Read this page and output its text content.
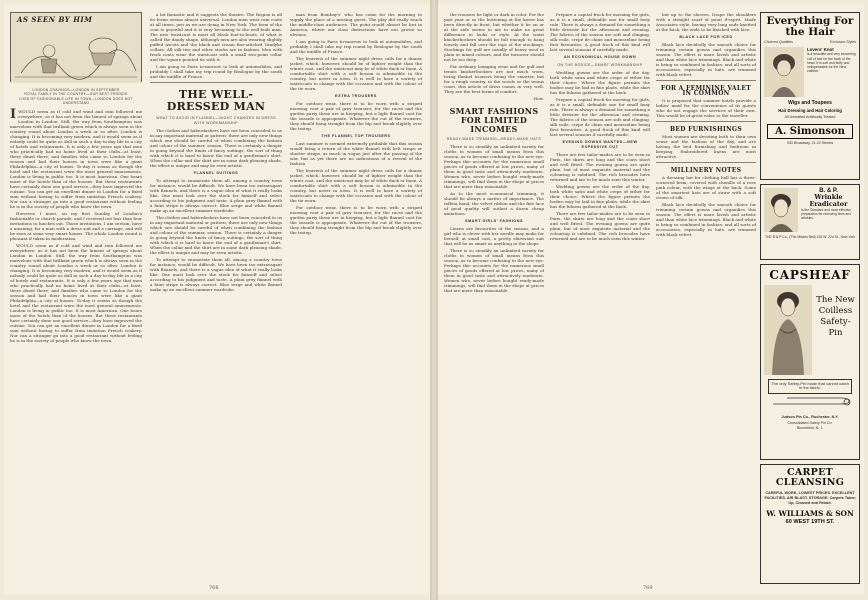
AS SEEN BY HIM
LONDON CRAVINGS—LONDON IN SEPTEMBER
ROYAL FAMILY IN THE COUNTRY—OUR BEST FRIENDS
LOSS OF FASHIONABLE LIFE IN TOWN—LONDON DOES NOT UNDERSTAND

IWOULD seem as if cold and wind and rain followed me everywhere, as it has not been the lament of springs about London in London. Still, the way from Southampton was marvelous with that brilliant green which is always seen in the country round about London a week or so after. London is changing. It is becoming very modern, and it would seem as if nobody could be quite as dull in such a day-to-day life in a city of hotels and restaurants. It is only a few years ago that men who practically had no home lived at their clubs—at least, there dined there; and families who came to London for the season and had their houses in town were like a giant Philadelphia—a city of homes. To-day it seems as though the hotel and the restaurant were the most general amusements. London is living in public too. It is most American. One hears more of the hotels than of the houses. But these restaurants have certainly done one good service—they have improved the cuisine. You can get an excellent dinner in London for a fixed sum without having to suffer from imitation French cookery. Nor can a stranger go into a good restaurant without feeling he is in the society of people who know the town.

However, I must, on my first Sunday, of London's fashionable or church parade, and I received not less than four invitations to lunches out. Those invitations, I am certain, have a meaning, for a man with a dress suit and a carriage, and will be seen at some very smart homes. The whole London round is pleasant if taken in moderation.

WOULD seem as if cold and wind and rain followed me everywhere, as it has not been the lament of springs about London in London. Still, the way from Southampton was marvelous with that brilliant green which is always seen in the country round about London a week or so after. London is changing. It is becoming very modern, and it would seem as if nobody could be quite as dull in such a day-to-day life in a city of hotels and restaurants. It is only a few years ago that men who practically had no home lived at their clubs—at least, there dined there; and families who came to London for the season and had their houses in town were like a giant Philadelphia—a city of homes. To-day it seems as though the hotel and the restaurant were the most general amusements. London is living in public too. It is most American. One hears more of the hotels than of the houses. But these restaurants have certainly done one good service—they have improved the cuisine. You can get an excellent dinner in London for a fixed sum without having to suffer from imitation French cookery. Nor can a stranger go into a good restaurant without feeling he is in the society of people who know the town.

a bit fantastic and it suggests the theatre. The Region is all its forms seems almost universal. London men wear rain coats at all times, just as we are doing in New York. The form of the coat is graceful and it is very becoming to the well-built man. The new waistcoat is most all black foot-in-boots, of what is called the dandy shape, although men are also wearing slightly puffed Ascots and the black and cream fine-stitched Vandyke collars. All silk ties and other stocks are in fashion. Men with frock coats wear the waistcoat with a small two-point collar and the square-pointed tie with it.

I am going to Paris to-morrow to look at automobiles, and probably I shall take my trip round by Boulogne by the south and the middle of France.

THE WELL-DRESSED MAN
WHAT TO AVOID IN FLANNEL—NIGHT CHANGES IN DRESS WITH WORKMANSHIP

The clothes and haberdashers have not been conceded to us in any important material or pattern; there are only new things which one should be careful of when combining the fashion and colour of the summer, season. There is certainly a danger in going beyond the limits of fancy suitings, the sort of thing with which it is hard to know the end of a gentleman's shirt. When the collar and the shirt are in some dark pleasing shade, the effect is unique and may be even artistic.

FLANNEL SUITINGS

To attempt to enumerate them all, among a country town for instance, would be difficult. We have been too extravagant with flannels, and there is a vague idea of what it really looks like. One must look over the stock for himself and select according to his judgment and taste. A plain grey flannel with a faint stripe is always correct. Blue serge and white flannel make up an excellent summer wardrobe.

The clothes and haberdashers have not been conceded to us in any important material or pattern; there are only new things which one should be careful of when combining the fashion and colour of the summer, season. There is certainly a danger in going beyond the limits of fancy suitings, the sort of thing with which it is hard to know the end of a gentleman's shirt. When the collar and the shirt are in some dark pleasing shade, the effect is unique and may be even artistic.

To attempt to enumerate them all, among a country town for instance, would be difficult. We have been too extravagant with flannels, and there is a vague idea of what it really looks like. One must look over the stock for himself and select according to his judgment and taste. A plain grey flannel with a faint stripe is always correct. Blue serge and white flannel make up an excellent summer wardrobe.

man from Bombay's' who has come for the morning to supply the place of a missing guest. The play did really touch the middle-class audiences. The point would almost be lost in America, where our class distinctions have not grown so obvious.

I am going to Paris to-morrow to look at automobiles, and probably I shall take my trip round by Boulogne by the south and the middle of France.

The heaviest of the summer night dress calls for a dinner jacket, which, however, should be of lighter weight than the winter coat, and the waistcoat may be of white duck or linen. A comfortable shirt with a soft bosom is admissible in the country, but never in town. It is well to have a variety of waistcoats to change with the occasion and with the colour of the tie worn.

EXTRA TROUSERS

For outdoor wear, there is to be worn with a striped morning coat a pair of grey trousers; for the races and the garden party these are in keeping, but a light flannel coat for the seaside is appropriate. Whatever the cut of the trousers, they should hang straight from the hip and break slightly over the instep.

THE FLANNEL TOP TROUSERS

Last summer is seemed extremely probable that this season would bring a return of the white flannel with belt straps or shorter straps, as much in vogue just after the passing of the war, but as yet there are no indications of a revival of the fashion.

The heaviest of the summer night dress calls for a dinner jacket, which, however, should be of lighter weight than the winter coat, and the waistcoat may be of white duck or linen. A comfortable shirt with a soft bosom is admissible in the country, but never in town. It is well to have a variety of waistcoats to change with the occasion and with the colour of the tie worn.

For outdoor wear, there is to be worn with a striped morning coat a pair of grey trousers; for the races and the garden party these are in keeping, but a light flannel coat for the seaside is appropriate. Whatever the cut of the trousers, they should hang straight from the hip and break slightly over the instep.

768

the trousers be light or dark in color. For the past year or so the buttoning at the knees has been directly in front, but whether it be on or at the side seems to me to make no great difference in looks or style. At the waist knickerbockers should be full enough to hang loosely and fall over the tops of the stockings. Stockings for golf are usually of heavy wool in plain or mixed colours, and the turnover should not be too deep.

For ordinary lounging wear and for golf and tennis knickerbockers are not much worn, being flannel trousers being the smarter, but for a rough country, in the woods or the tennis court, this article of dress comes in very well. They are the best forms of comfort.

How.
SMART FASHIONS FOR LIMITED INCOMES
READY-MADE TRIMMING—READY-MADE HATS

There is so steadily an unlimited variety for cloths to women of small means from this season, as to become confusing to the new eye. Perhaps this accounts for the numerous small pieces of goods offered at low prices, many of them in good taste and attractively moderate. Women who, never before bought ready-made trimmings, will find them in the shops at prices that are more than reasonable.

As to the most economical trimming, it should be always a matter of importance. The taffeta band, the velvet ribbon and the fine lace of good quality will outlast a dozen cheap imitations.

SMART GIRLS' FASHIONS

Linens are favourites of the season, and a girl who is clever with her needle may make for herself, at small cost, a pretty shirtwaist suit that will be as smart as anything in the shops.

There is so steadily an unlimited variety for cloths to women of small means from this season, as to become confusing to the new eye. Perhaps this accounts for the numerous small pieces of goods offered at low prices, many of them in good taste and attractively moderate. Women who, never before bought ready-made trimmings, will find them in the shops at prices that are more than reasonable.

Prepare a capital frock for morning for girls, as it is a small, definable one for small busy rule. There is always a demand for something a little dressier for the afternoon and evening. The fabrics of the season are soft and clinging, silk voile, crepe de chine and mousseline being first favourites. A good frock of this kind will last several seasons if carefully made.

AN ECONOMICAL HOUSE GOWN
ON THE BODICE—SMART WORKMANSHIP

Wedding gowns are the order of the day, both white satin and white crepe of either for their choice. Where the figure permits the bodice may be laid in fine plaits, while the skirt has the fulness gathered at the back.

Prepare a capital frock for morning for girls, as it is a small, definable one for small busy rule. There is always a demand for something a little dressier for the afternoon and evening. The fabrics of the season are soft and clinging, silk voile, crepe de chine and mousseline being first favourites. A good frock of this kind will last several seasons if carefully made.

EVENING GOWNS WANTED—NEW EXPENSIVE CUT

There are few tailor-mades are to be seen in Paris, the skirts are long and the coats short and well fitted. The evening gowns are quite plain, but of most exquisite material and the colouring is subdued. The rich brocades have returned and are to be much seen this winter.

Wedding gowns are the order of the day, both white satin and white crepe of either for their choice. Where the figure permits the bodice may be laid in fine plaits, while the skirt has the fulness gathered at the back.

There are few tailor-mades are to be seen in Paris, the skirts are long and the coats short and well fitted. The evening gowns are quite plain, but of most exquisite material and the colouring is subdued. The rich brocades have returned and are to be much seen this winter.

but up to the sleeves. Drape the shoulders with a straight scarf of point d'esprit. Made Associates style, having very long ends knotted at the back, the ends to be finished with lace.

BLACK LACE FOR ICED

Black lace decidedly the smooth choice for trimming certain gowns and organdies this season. The effect is more lavish and artistic and than white lace trimmings. Black and white is being so combined in fashion, and all sorts of accessories, especially in hats, are trimmed with black velvet.

FOR A FEMININE VALET IN COMMON

It is proposed that summer hotels provide a ladies' maid for the convenience of its guests who do not engage the services of their own. This would be of great value to the traveller.

BED FURNISHINGS

Most women are devoting both to their own sense and the fashion of the day, and are having the bed furnishing and bedroom in keeping. Embroidered linens are most attractive.

MILLINERY NOTES

A dressing hat for clothing ball has a three-cornered brim, covered with chenille of a rose pink colour, with the wings at the back. Some of the smartest hats are of straw with a soft crown of silk.

Black lace decidedly the smooth choice for trimming certain gowns and organdies this season. The effect is more lavish and artistic and than white lace trimmings. Black and white is being so combined in fashion, and all sorts of accessories, especially in hats, are trimmed with black velvet.

Everything For the Hair
Choicest Qualities	Exclusive Styles
Lovers' Knot
is a beautiful and very becoming coil of hair for the back of the head. It is soft and fluffy and indispensable for the New coiffure.
Wigs and Toupees
Hair Dressing and Hair Coloring
All Unmatted Artistically Treated
A. Simonson
933 Broadway, 21-22 Streets
B. & P.
Wrinkle Eradicator
Is the Standard and most effective preparation for removing lines and wrinkles.
THE B & P Co., (The Misses Bell) 135 W. 22d St., New York
CAPSHEAF
The New Coilless Safety-Pin
The only Safety-Pin made that cannot catch in the fabric.
Judson Pin Co., Rochester, N.Y.
Consolidated Safety Pin Co.
Bloomfield, N. J.
CARPET CLEANSING
CAREFUL WORK, LOWEST PRICES. EXCELLENT FACILITIES. AIR BLAST. STORAGE. Carpets Taken Up, Cleaned and Relaid.
W. WILLIAMS & SON
60 WEST 19TH ST.
769
